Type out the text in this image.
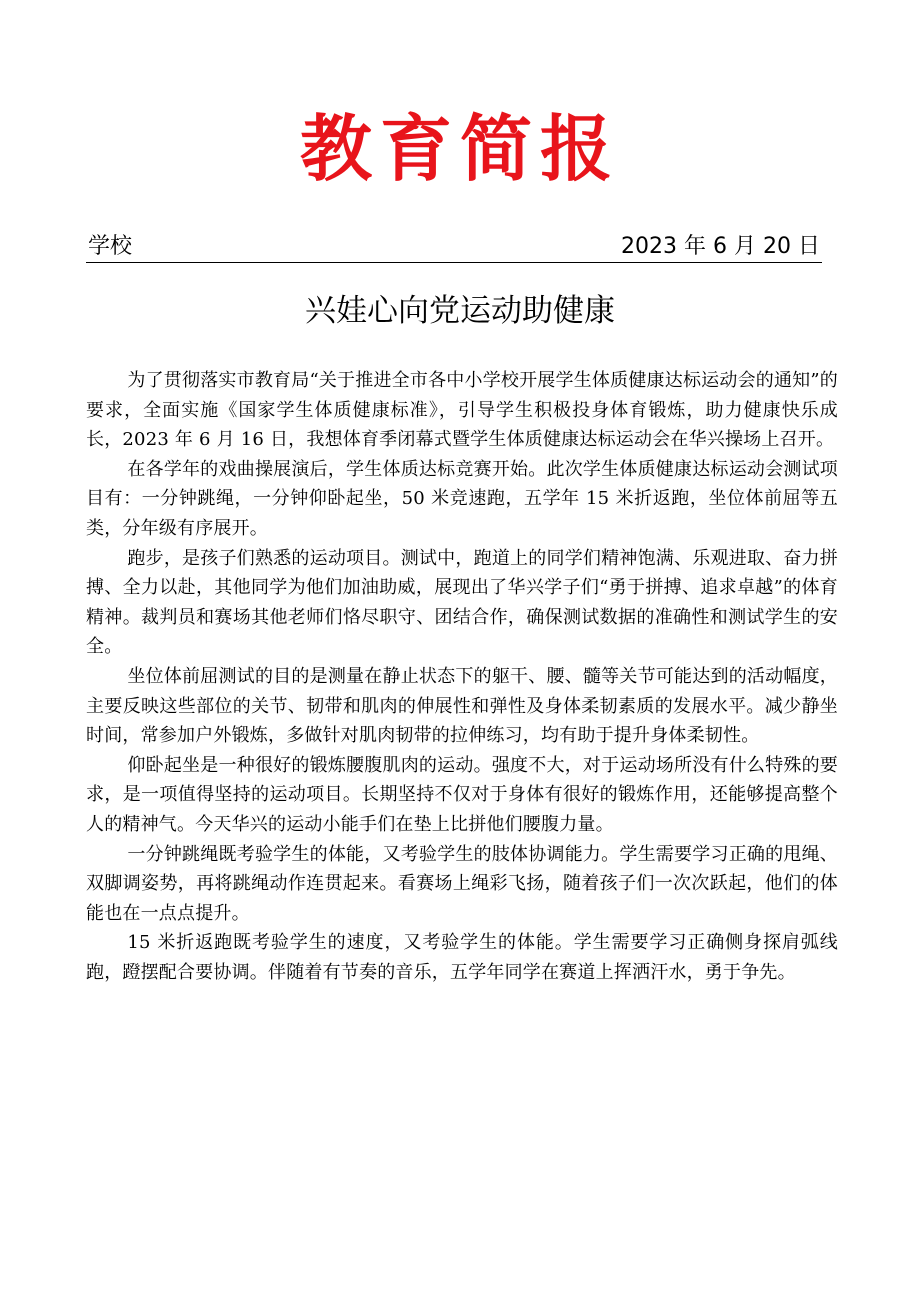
教育简报
学校	2023 年 6 月 20 日
兴娃心向党运动助健康

为了贯彻落实市教育局“关于推进全市各中小学校开展学生体质健康达标运动会的通知”的要求，全面实施《国家学生体质健康标准》，引导学生积极投身体育锻炼，助力健康快乐成长，2023 年 6 月 16 日，我想体育季闭幕式暨学生体质健康达标运动会在华兴操场上召开。

在各学年的戏曲操展演后，学生体质达标竞赛开始。此次学生体质健康达标运动会测试项目有：一分钟跳绳，一分钟仰卧起坐，50 米竞速跑，五学年 15 米折返跑，坐位体前屈等五类，分年级有序展开。

跑步，是孩子们熟悉的运动项目。测试中，跑道上的同学们精神饱满、乐观进取、奋力拼搏、全力以赴，其他同学为他们加油助威，展现出了华兴学子们“勇于拼搏、追求卓越”的体育精神。裁判员和赛场其他老师们恪尽职守、团结合作，确保测试数据的准确性和测试学生的安全。

坐位体前屈测试的目的是测量在静止状态下的躯干、腰、髓等关节可能达到的活动幅度，主要反映这些部位的关节、韧带和肌肉的伸展性和弹性及身体柔韧素质的发展水平。减少静坐时间，常参加户外锻炼，多做针对肌肉韧带的拉伸练习，均有助于提升身体柔韧性。

仰卧起坐是一种很好的锻炼腰腹肌肉的运动。强度不大，对于运动场所没有什么特殊的要求，是一项值得坚持的运动项目。长期坚持不仅对于身体有很好的锻炼作用，还能够提高整个人的精神气。今天华兴的运动小能手们在垫上比拼他们腰腹力量。

一分钟跳绳既考验学生的体能，又考验学生的肢体协调能力。学生需要学习正确的甩绳、双脚调姿势，再将跳绳动作连贯起来。看赛场上绳彩飞扬，随着孩子们一次次跃起，他们的体能也在一点点提升。

15 米折返跑既考验学生的速度，又考验学生的体能。学生需要学习正确侧身探肩弧线跑，蹬摆配合要协调。伴随着有节奏的音乐，五学年同学在赛道上挥洒汗水，勇于争先。
